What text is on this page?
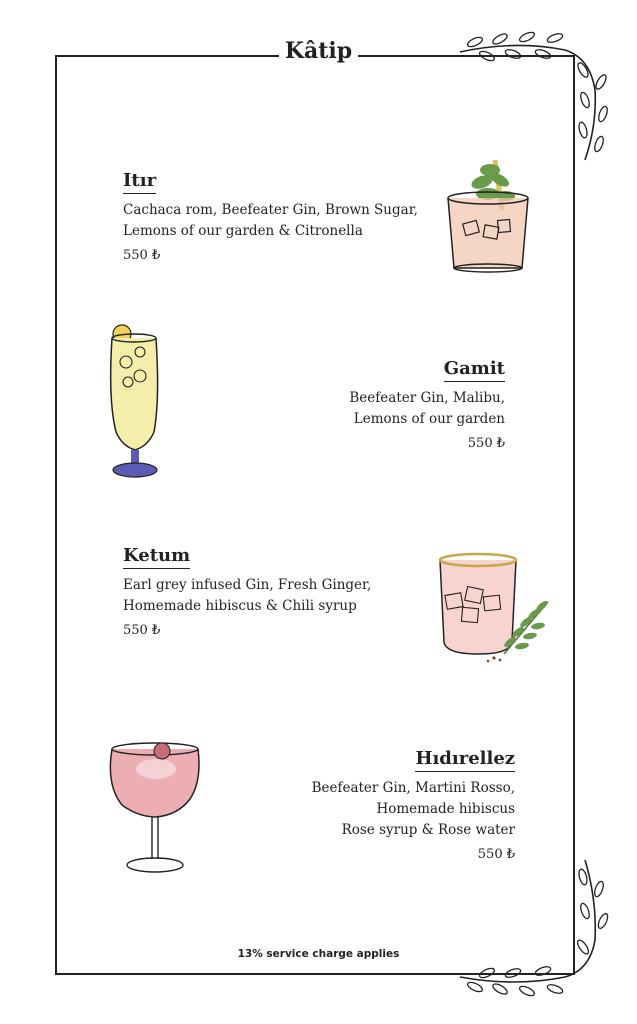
Kâtip
Itır
Cachaca rom, Beefeater Gin, Brown Sugar,
Lemons of our garden & Citronella
550 ₺
Gamit
Beefeater Gin, Malibu,
Lemons of our garden
550 ₺
Ketum
Earl grey infused Gin, Fresh Ginger,
Homemade hibiscus & Chili syrup
550 ₺
Hıdırellez
Beefeater Gin, Martini Rosso,
Homemade hibiscus
Rose syrup & Rose water
550 ₺
13% service charge applies
